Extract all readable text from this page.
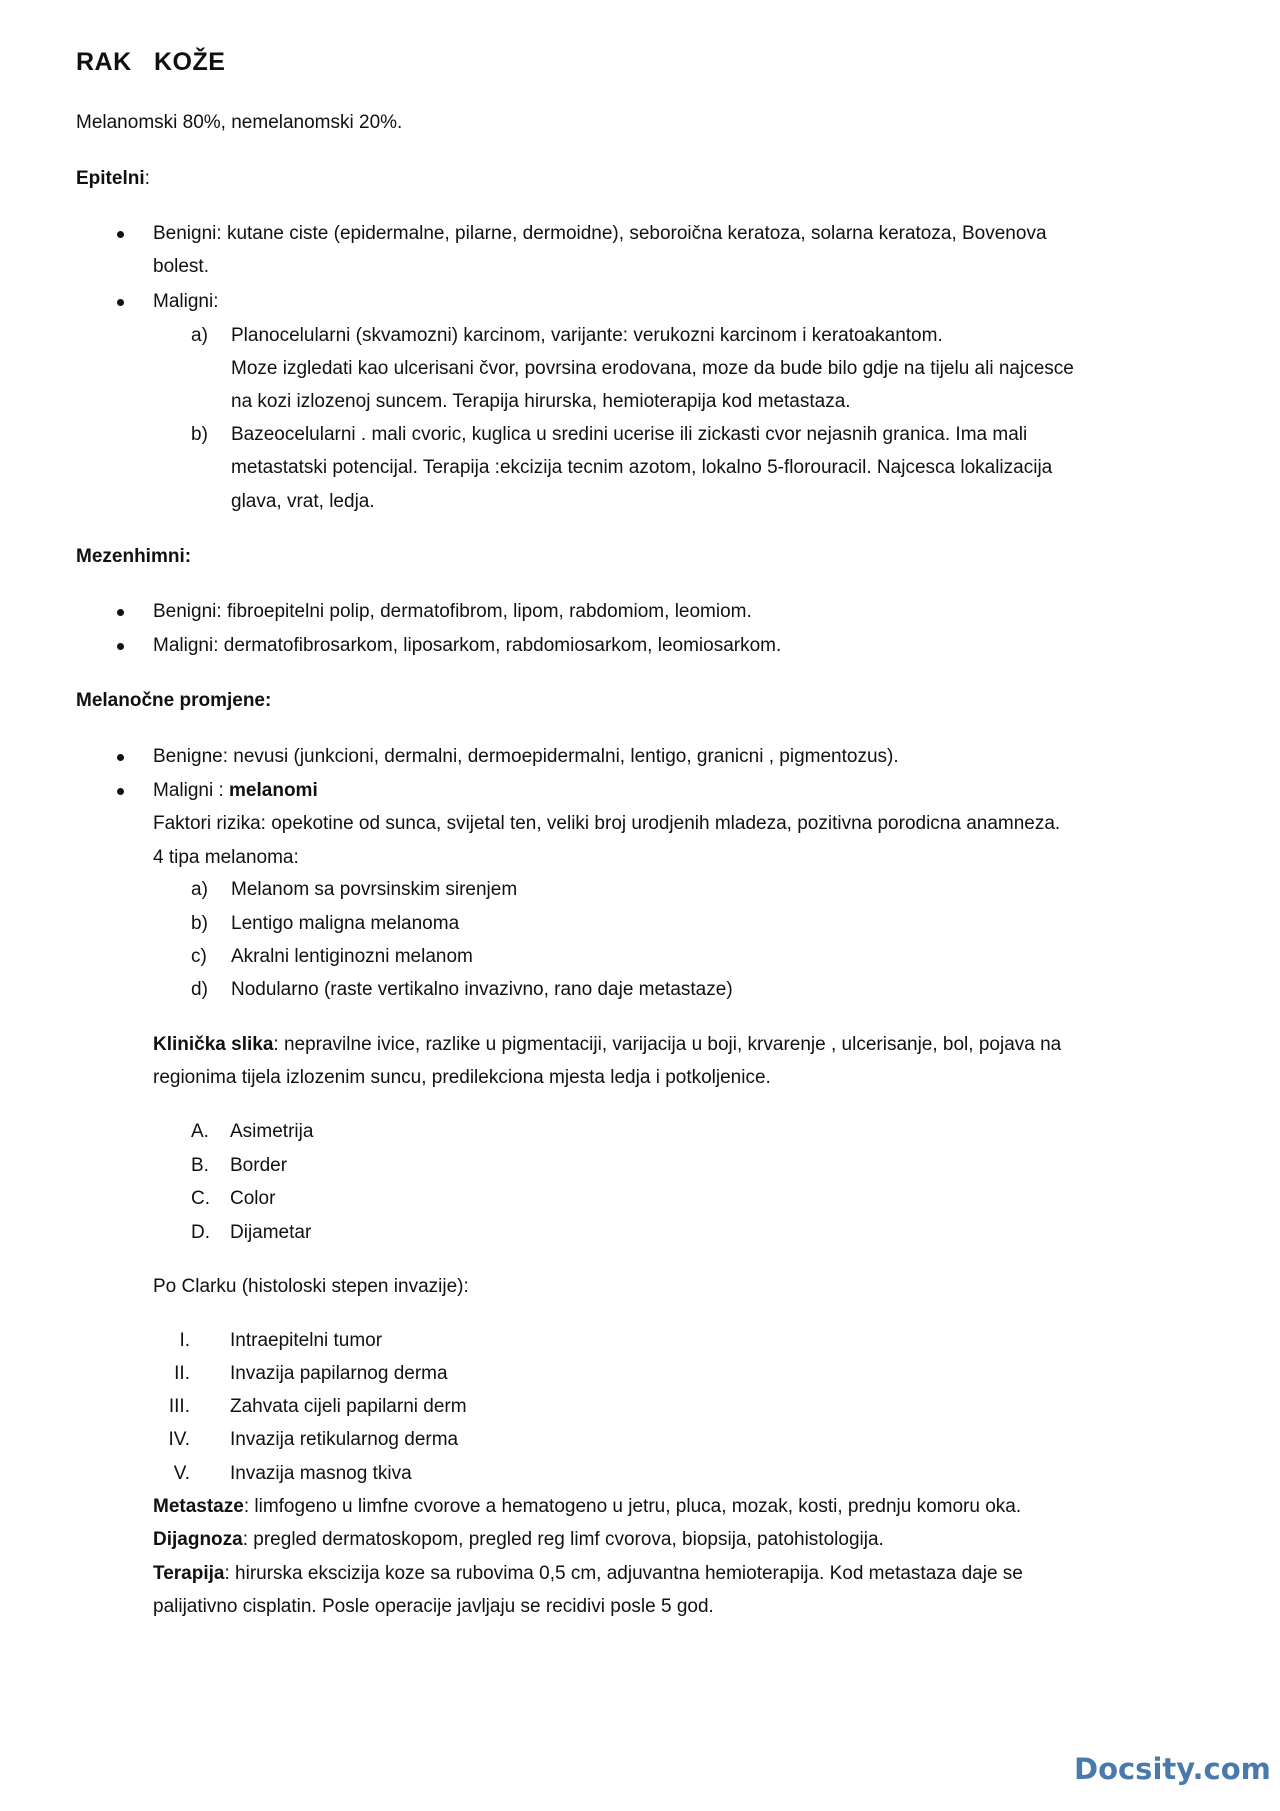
RAK   KOŽE
Melanomski 80%, nemelanomski 20%.
Epitelni:
Benigni: kutane ciste (epidermalne, pilarne, dermoidne), seboroična keratoza, solarna keratoza, Bovenova
bolest.
Maligni:
a) Planocelularni (skvamozni) karcinom, varijante: verukozni karcinom i keratoakantom.
Moze izgledati kao ulcerisani čvor, povrsina erodovana, moze da bude bilo gdje na tijelu ali najcesce
na kozi izlozenoj suncem. Terapija hirurska, hemioterapija kod metastaza.
b) Bazeocelularni . mali cvoric, kuglica u sredini ucerise ili zickasti cvor nejasnih granica. Ima mali
metastatski potencijal. Terapija :ekcizija tecnim azotom, lokalno 5-florouracil. Najcesca lokalizacija
glava, vrat, ledja.
Mezenhimni:
Benigni: fibroepitelni polip, dermatofibrom, lipom, rabdomiom, leomiom.
Maligni: dermatofibrosarkom, liposarkom, rabdomiosarkom, leomiosarkom.
Melanočne promjene:
Benigne: nevusi (junkcioni, dermalni, dermoepidermalni, lentigo, granicni , pigmentozus).
Maligni : melanomi
Faktori rizika: opekotine od sunca, svijetal ten, veliki broj urodjenih mladeza, pozitivna porodicna anamneza.
4 tipa melanoma:
a) Melanom sa povrsinskim sirenjem
b) Lentigo maligna melanoma
c) Akralni lentiginozni melanom
d) Nodularno (raste vertikalno invazivno, rano daje metastaze)
Klinička slika: nepravilne ivice, razlike u pigmentaciji, varijacija u boji, krvarenje , ulcerisanje, bol, pojava na
regionima tijela izlozenim suncu, predilekciona mjesta ledja i potkoljenice.
A. Asimetrija
B. Border
C. Color
D. Dijametar
Po Clarku (histoloski stepen invazije):
I. Intraepitelni tumor
II. Invazija papilarnog derma
III. Zahvata cijeli papilarni derm
IV. Invazija retikularnog derma
V. Invazija masnog tkiva
Metastaze: limfogeno u limfne cvorove a hematogeno u jetru, pluca, mozak, kosti, prednju komoru oka.
Dijagnoza: pregled dermatoskopom, pregled reg limf cvorova, biopsija, patohistologija.
Terapija: hirurska ekscizija koze sa rubovima 0,5 cm, adjuvantna hemioterapija. Kod metastaza daje se
palijativno cisplatin. Posle operacije javljaju se recidivi posle 5 god.
Docsity.com
